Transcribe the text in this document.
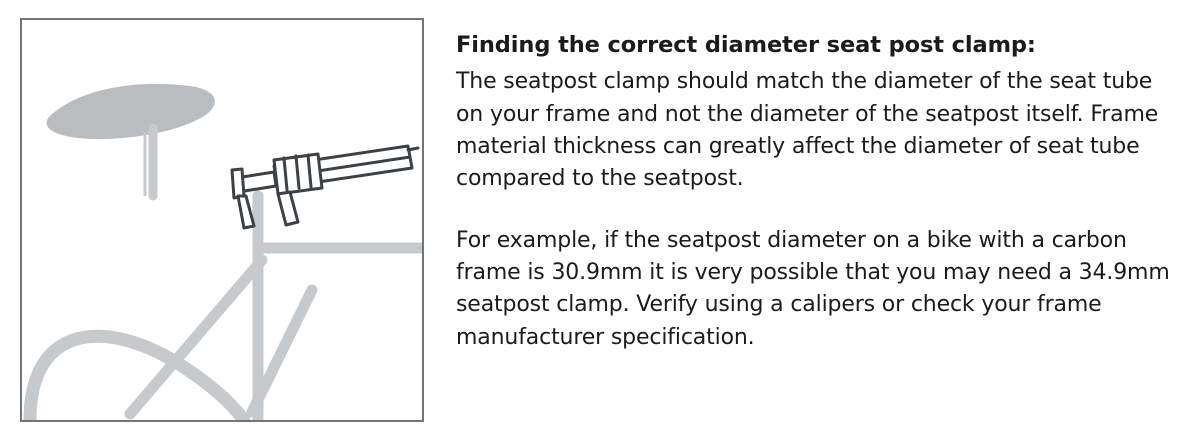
Finding the correct diameter seat post clamp:

The seatpost clamp should match the diameter of the seat tube on your frame and not the diameter of the seatpost itself. Frame material thickness can greatly affect the diameter of seat tube compared to the seatpost.

For example, if the seatpost diameter on a bike with a carbon frame is 30.9mm it is very possible that you may need a 34.9mm seatpost clamp. Verify using a calipers or check your frame manufacturer specification.
